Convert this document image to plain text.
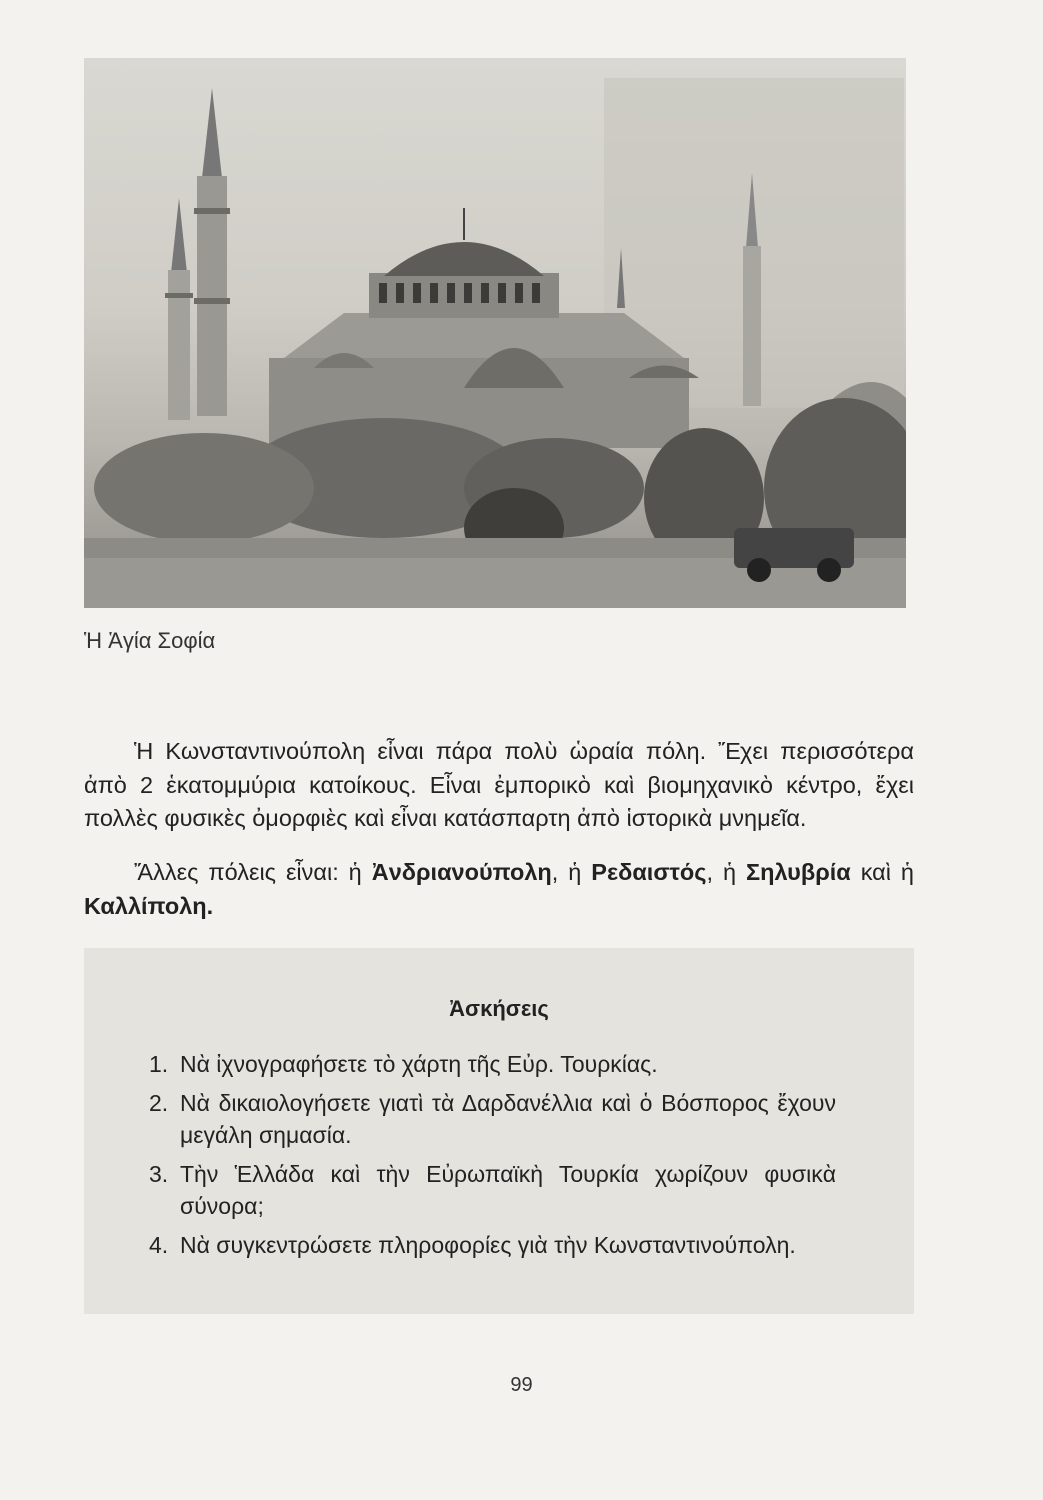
Ἡ Ἁγία Σοφία

Ἡ Κωνσταντινούπολη εἶναι πάρα πολὺ ὡραία πόλη. Ἔχει περισσότερα ἀπὸ 2 ἑκατομμύρια κατοίκους. Εἶναι ἐμπορικὸ καὶ βιομηχανικὸ κέντρο, ἔχει πολλὲς φυσικὲς ὀμορφιὲς καὶ εἶναι κατάσπαρτη ἀπὸ ἱστορικὰ μνημεῖα.

Ἄλλες πόλεις εἶναι: ἡ Ἀνδριανούπολη, ἡ Ρεδαιστός, ἡ Σηλυβρία καὶ ἡ Καλλίπολη.

Ἀσκήσεις
1. Νὰ ἰχνογραφήσετε τὸ χάρτη τῆς Εὐρ. Τουρκίας.
2. Νὰ δικαιολογήσετε γιατὶ τὰ Δαρδανέλλια καὶ ὁ Βόσπορος ἔχουν μεγάλη σημασία.
3. Τὴν Ἑλλάδα καὶ τὴν Εὐρωπαϊκὴ Τουρκία χωρίζουν φυσικὰ σύνορα;
4. Νὰ συγκεντρώσετε πληροφορίες γιὰ τὴν Κωνσταντινούπολη.
99
